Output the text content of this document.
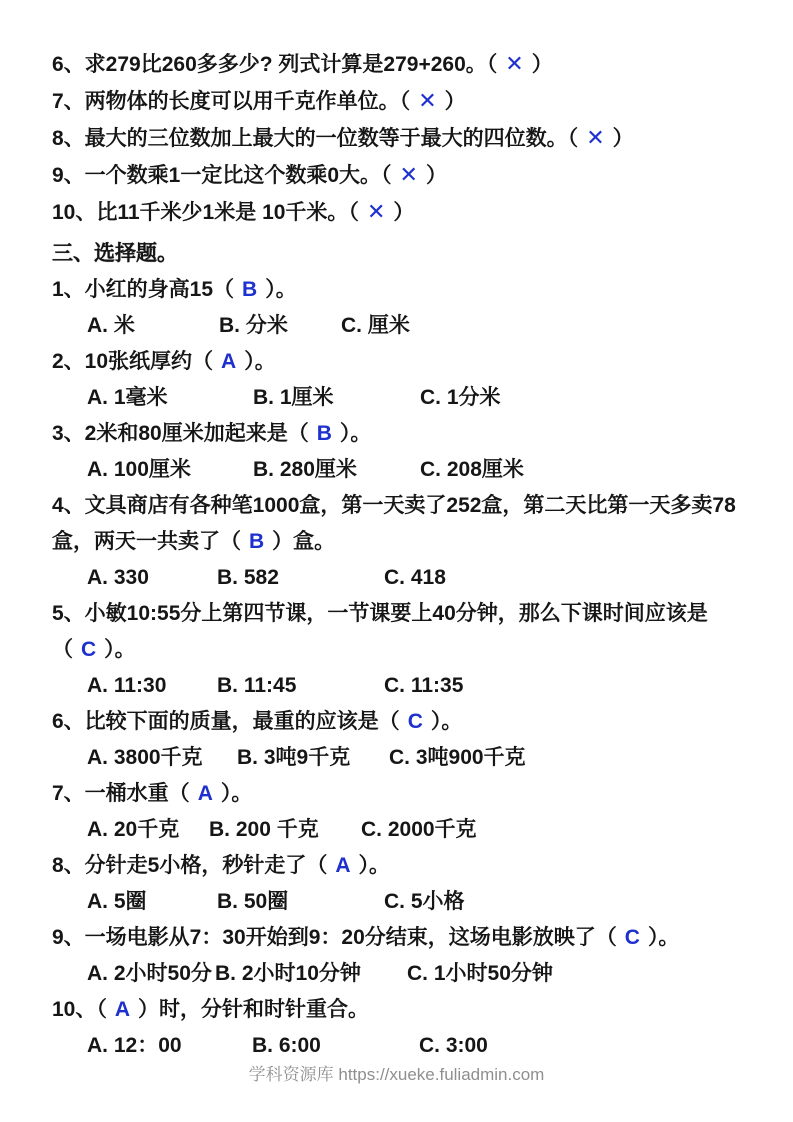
6、求279比260多多少? 列式计算是279+260。（ ✕ ）
7、两物体的长度可以用千克作单位。（ ✕ ）
8、最大的三位数加上最大的一位数等于最大的四位数。（ ✕ ）
9、一个数乘1一定比这个数乘0大。（ ✕ ）
10、比11千米少1米是 10千米。（ ✕ ）
三、选择题。
1、小红的身高15（ B ）。
A. 米	B. 分米	C. 厘米
2、10张纸厚约（ A ）。
A. 1毫米	B. 1厘米	C. 1分米
3、2米和80厘米加起来是（ B ）。
A. 100厘米	B. 280厘米	C. 208厘米
4、文具商店有各种笔1000盒，第一天卖了252盒，第二天比第一天多卖78
盒，两天一共卖了（ B ）盒。
A. 330	B. 582	C. 418
5、小敏10:55分上第四节课，一节课要上40分钟，那么下课时间应该是
（ C ）。
A. 11:30 B. 11:45	C. 11:35
6、比较下面的质量，最重的应该是（ C ）。
A. 3800千克 B. 3吨9千克 C. 3吨900千克
7、一桶水重（ A ）。
A. 20千克 B. 200 千克 C. 2000千克
8、分针走5小格，秒针走了（ A ）。
A. 5圈	B. 50圈	C. 5小格
9、一场电影从7：30开始到9：20分结束，这场电影放映了（ C ）。
A. 2小时50分 B. 2小时10分钟 C. 1小时50分钟
10、（ A ）时，分针和时针重合。
A. 12：00	B. 6:00	C. 3:00
学科资源库 https://xueke.fuliadmin.com
